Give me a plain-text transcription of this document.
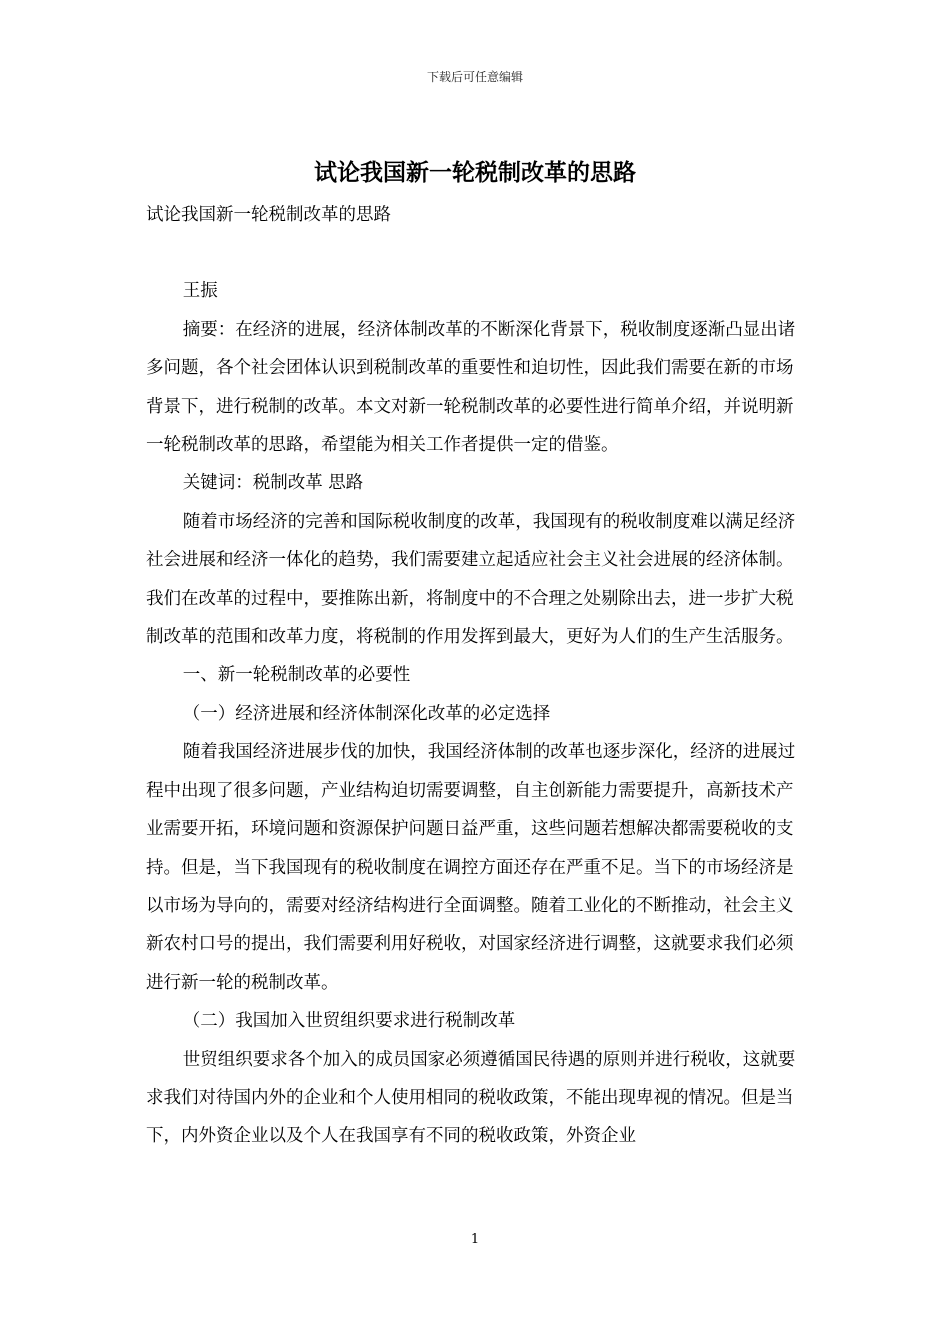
下载后可任意编辑
试论我国新一轮税制改革的思路

试论我国新一轮税制改革的思路

王振

摘要：在经济的进展，经济体制改革的不断深化背景下，税收制度逐渐凸显出诸多问题，各个社会团体认识到税制改革的重要性和迫切性，因此我们需要在新的市场背景下，进行税制的改革。本文对新一轮税制改革的必要性进行简单介绍，并说明新一轮税制改革的思路，希望能为相关工作者提供一定的借鉴。

关键词：税制改革 思路

随着市场经济的完善和国际税收制度的改革，我国现有的税收制度难以满足经济社会进展和经济一体化的趋势，我们需要建立起适应社会主义社会进展的经济体制。我们在改革的过程中，要推陈出新，将制度中的不合理之处剔除出去，进一步扩大税制改革的范围和改革力度，将税制的作用发挥到最大，更好为人们的生产生活服务。

一、新一轮税制改革的必要性

（一）经济进展和经济体制深化改革的必定选择

随着我国经济进展步伐的加快，我国经济体制的改革也逐步深化，经济的进展过程中出现了很多问题，产业结构迫切需要调整，自主创新能力需要提升，高新技术产业需要开拓，环境问题和资源保护问题日益严重，这些问题若想解决都需要税收的支持。但是，当下我国现有的税收制度在调控方面还存在严重不足。当下的市场经济是以市场为导向的，需要对经济结构进行全面调整。随着工业化的不断推动，社会主义新农村口号的提出，我们需要利用好税收，对国家经济进行调整，这就要求我们必须进行新一轮的税制改革。

（二）我国加入世贸组织要求进行税制改革

世贸组织要求各个加入的成员国家必须遵循国民待遇的原则并进行税收，这就要求我们对待国内外的企业和个人使用相同的税收政策，不能出现卑视的情况。但是当下，内外资企业以及个人在我国享有不同的税收政策，外资企业

1
